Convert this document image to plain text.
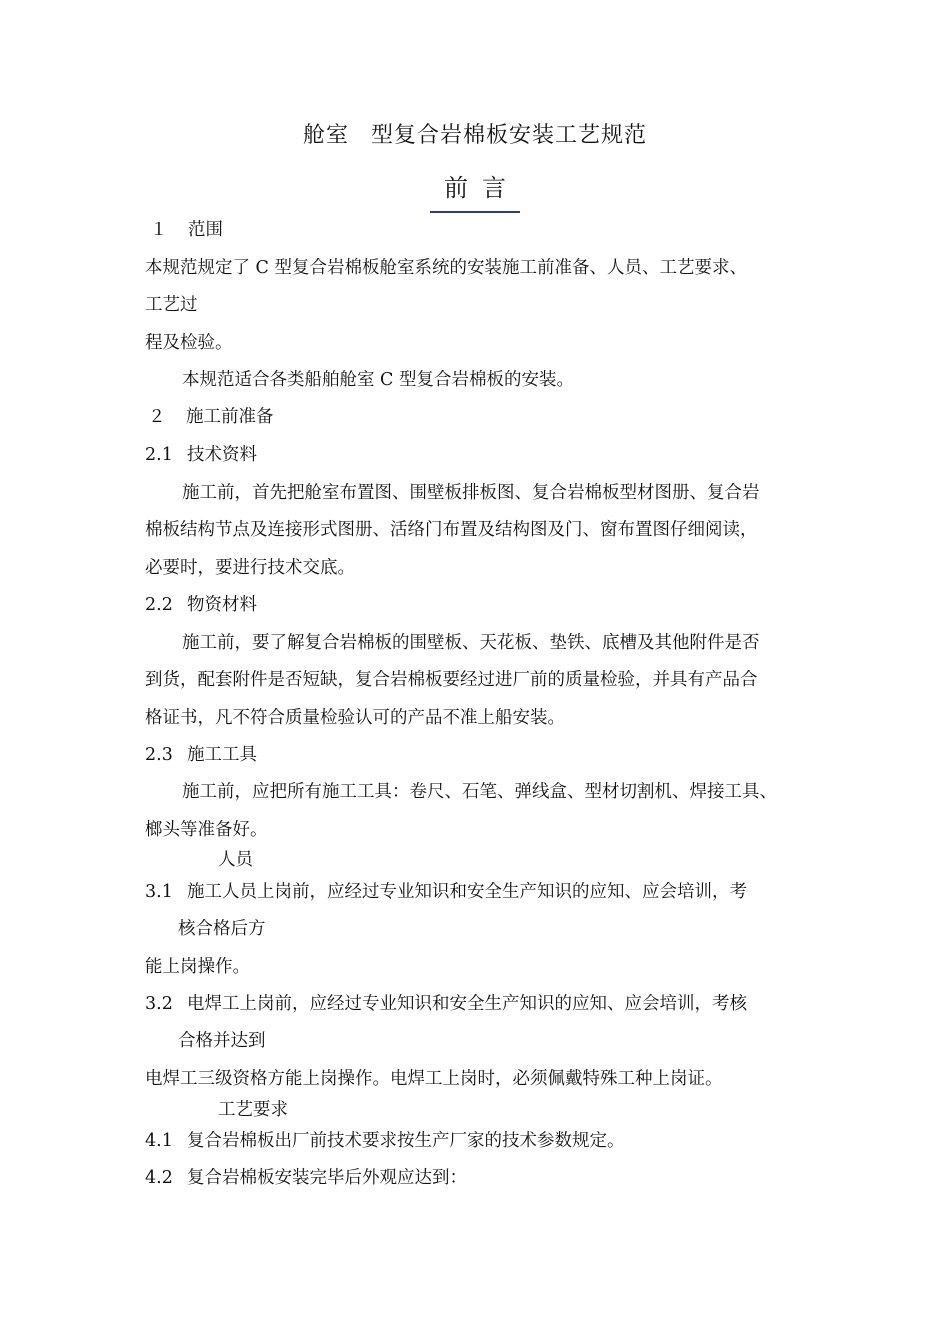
舱室 型复合岩棉板安装工艺规范
前言
１ 范围
本规范规定了 C 型复合岩棉板舱室系统的安装施工前准备、人员、工艺要求、
工艺过
程及检验。
本规范适合各类船舶舱室 C 型复合岩棉板的安装。
２ 施工前准备
2.1 技术资料
施工前，首先把舱室布置图、围壁板排板图、复合岩棉板型材图册、复合岩
棉板结构节点及连接形式图册、活络门布置及结构图及门、窗布置图仔细阅读，
必要时，要进行技术交底。
2.2 物资材料
施工前，要了解复合岩棉板的围壁板、天花板、垫铁、底槽及其他附件是否
到货，配套附件是否短缺，复合岩棉板要经过进厂前的质量检验，并具有产品合
格证书，凡不符合质量检验认可的产品不准上船安装。
2.3 施工工具
施工前，应把所有施工工具：卷尺、石笔、弹线盒、型材切割机、焊接工具、
榔头等准备好。
人员
3.1 施工人员上岗前，应经过专业知识和安全生产知识的应知、应会培训，考
核合格后方
能上岗操作。
3.2 电焊工上岗前，应经过专业知识和安全生产知识的应知、应会培训，考核
合格并达到
电焊工三级资格方能上岗操作。电焊工上岗时，必须佩戴特殊工种上岗证。
工艺要求
4.1 复合岩棉板出厂前技术要求按生产厂家的技术参数规定。
4.2 复合岩棉板安装完毕后外观应达到：
